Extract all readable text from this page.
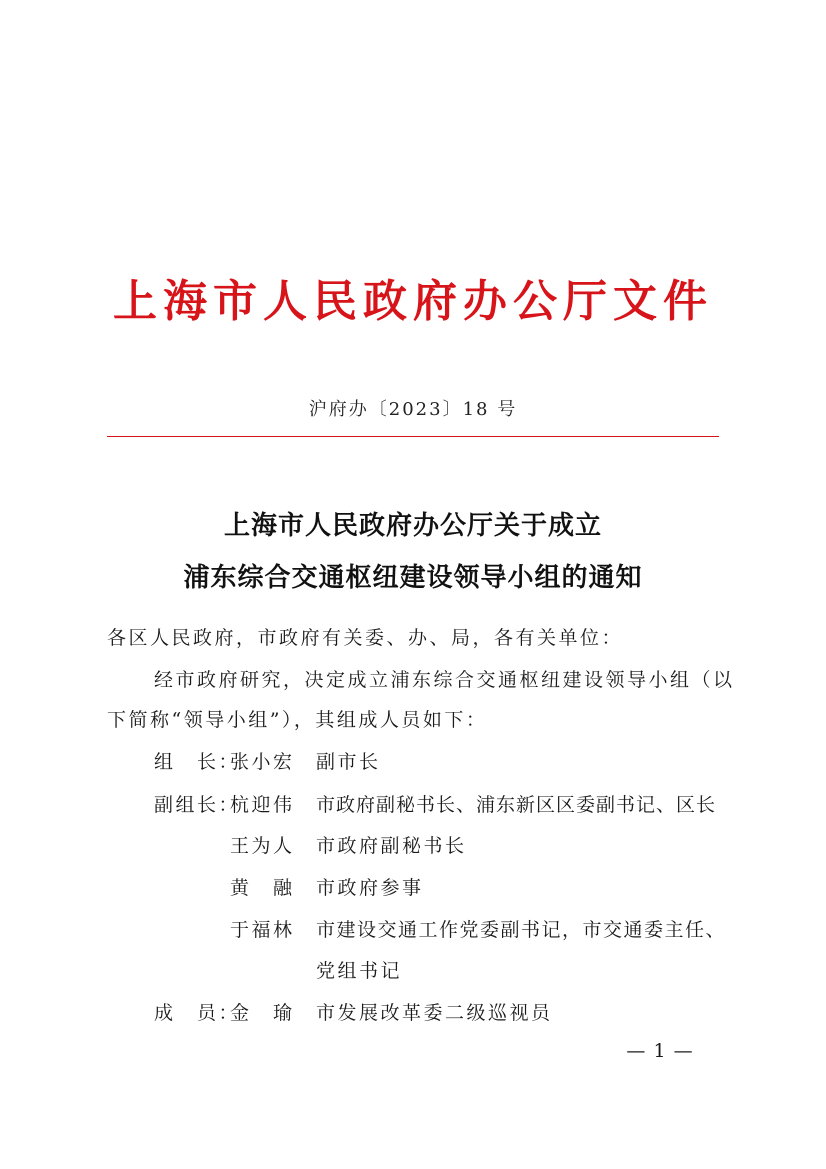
上海市人民政府办公厅文件
沪府办〔2023〕18 号
上海市人民政府办公厅关于成立
浦东综合交通枢纽建设领导小组的通知
各区人民政府，市政府有关委、办、局，各有关单位：
经市政府研究，决定成立浦东综合交通枢纽建设领导小组（以
下简称“领导小组”），其组成人员如下：
组　长：
张小宏 副市长
副组长：
杭迎伟 市政府副秘书长、浦东新区区委副书记、区长
王为人 市政府副秘书长
黄　融 市政府参事
于福林 市建设交通工作党委副书记，市交通委主任、
党组书记
成　员：
金　瑜 市发展改革委二级巡视员
— 1 —
